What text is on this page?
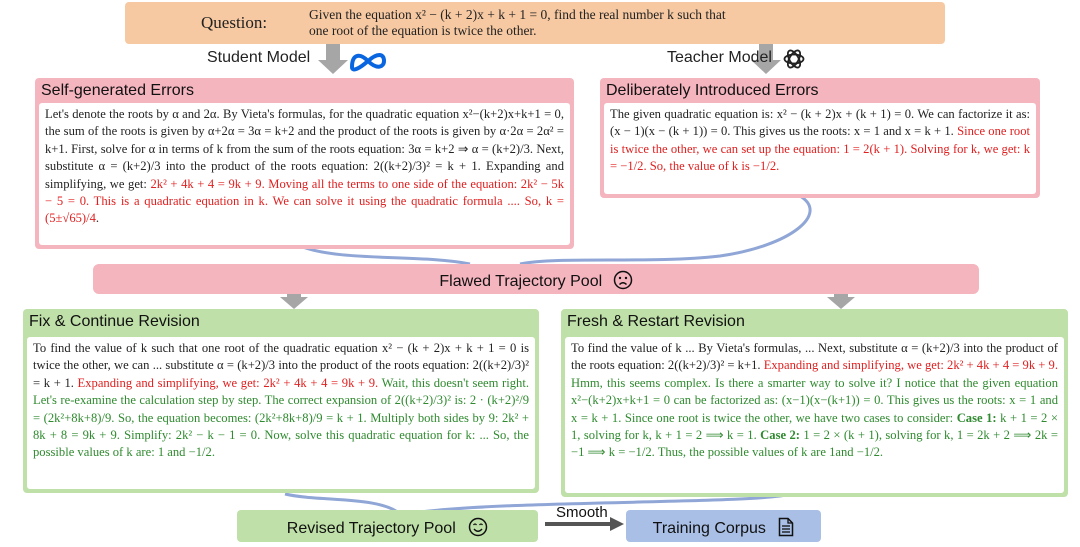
Question:	Given the equation x² − (k + 2)x + k + 1 = 0, find the real number k such that
one root of the equation is twice the other.
Student Model	Teacher Model
Self-generated Errors
Let's denote the roots by α and 2α. By Vieta's formulas, for the quadratic equation x²−(k+2)x+k+1 = 0, the sum of the roots is given by α+2α = 3α = k+2 and the product of the roots is given by α·2α = 2α² = k+1. First, solve for α in terms of k from the sum of the roots equation: 3α = k+2 ⇒ α = (k+2)/3. Next, substitute α = (k+2)/3 into the product of the roots equation: 2((k+2)/3)² = k + 1. Expanding and simplifying, we get: 2k² + 4k + 4 = 9k + 9. Moving all the terms to one side of the equation: 2k² − 5k − 5 = 0. This is a quadratic equation in k. We can solve it using the quadratic formula .... So, k = (5±√65)/4.
Deliberately Introduced Errors
The given quadratic equation is: x² − (k + 2)x + (k + 1) = 0. We can factorize it as: (x − 1)(x − (k + 1)) = 0. This gives us the roots: x = 1 and x = k + 1. Since one root is twice the other, we can set up the equation: 1 = 2(k + 1). Solving for k, we get: k = −1/2. So, the value of k is −1/2.
Flawed Trajectory Pool
Fix & Continue Revision
To find the value of k such that one root of the quadratic equation x² − (k + 2)x + k + 1 = 0 is twice the other, we can ... substitute α = (k+2)/3 into the product of the roots equation: 2((k+2)/3)² = k + 1. Expanding and simplifying, we get: 2k² + 4k + 4 = 9k + 9. Wait, this doesn't seem right. Let's re-examine the calculation step by step. The correct expansion of 2((k+2)/3)² is: 2 · (k+2)²/9 = (2k²+8k+8)/9. So, the equation becomes: (2k²+8k+8)/9 = k + 1. Multiply both sides by 9: 2k² + 8k + 8 = 9k + 9. Simplify: 2k² − k − 1 = 0. Now, solve this quadratic equation for k: ... So, the possible values of k are: 1 and −1/2.
Fresh & Restart Revision
To find the value of k ... By Vieta's formulas, ... Next, substitute α = (k+2)/3 into the product of the roots equation: 2((k+2)/3)² = k+1. Expanding and simplifying, we get: 2k² + 4k + 4 = 9k + 9. Hmm, this seems complex. Is there a smarter way to solve it? I notice that the given equation x²−(k+2)x+k+1 = 0 can be factorized as: (x−1)(x−(k+1)) = 0. This gives us the roots: x = 1 and x = k + 1. Since one root is twice the other, we have two cases to consider: Case 1: k + 1 = 2 × 1, solving for k, k + 1 = 2 ⟹ k = 1. Case 2: 1 = 2 × (k + 1), solving for k, 1 = 2k + 2 ⟹ 2k = −1 ⟹ k = −1/2. Thus, the possible values of k are 1and −1/2.
Revised Trajectory Pool
Smooth
Training Corpus
